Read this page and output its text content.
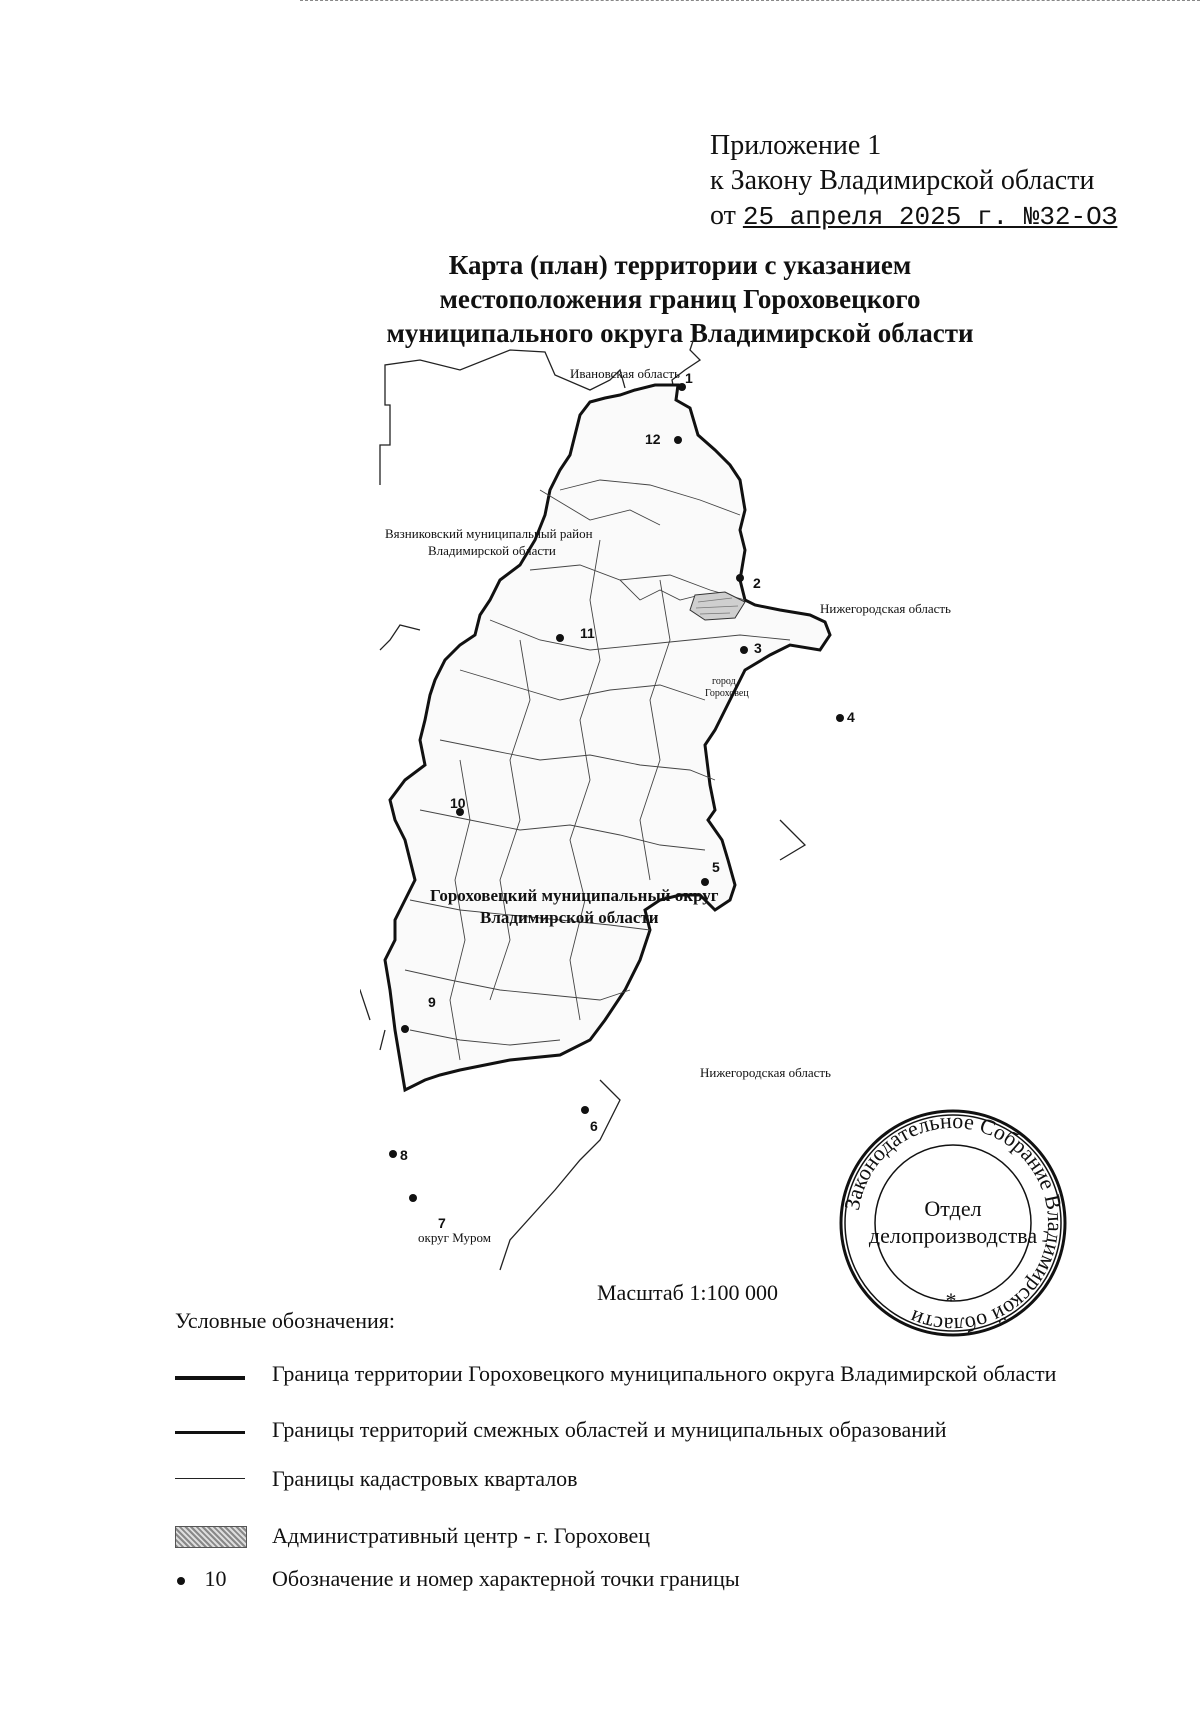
Приложение 1
к Закону Владимирской области
от 25 апреля 2025 г. №32-ОЗ
Карта (план) территории с указанием
местоположения границ Гороховецкого
муниципального округа Владимирской области
1
2
3
4
5
6
7
8
9
10
11
12
Ивановская область
Вязниковский муниципальный район
Владимирской области
Нижегородская область
Нижегородская область
округ Муром
город
Гороховец
Гороховецкий муниципальный округ
Владимирской области
Масштаб 1:100 000
Законодательное Собрание Владимирской области
Отдел
делопроизводства
*
Условные обозначения:
Граница территории Гороховецкого муниципального округа Владимирской области
Границы территорий смежных областей и муниципальных образований
Границы кадастровых кварталов
Административный центр - г. Гороховец
10	Обозначение и номер характерной точки границы
